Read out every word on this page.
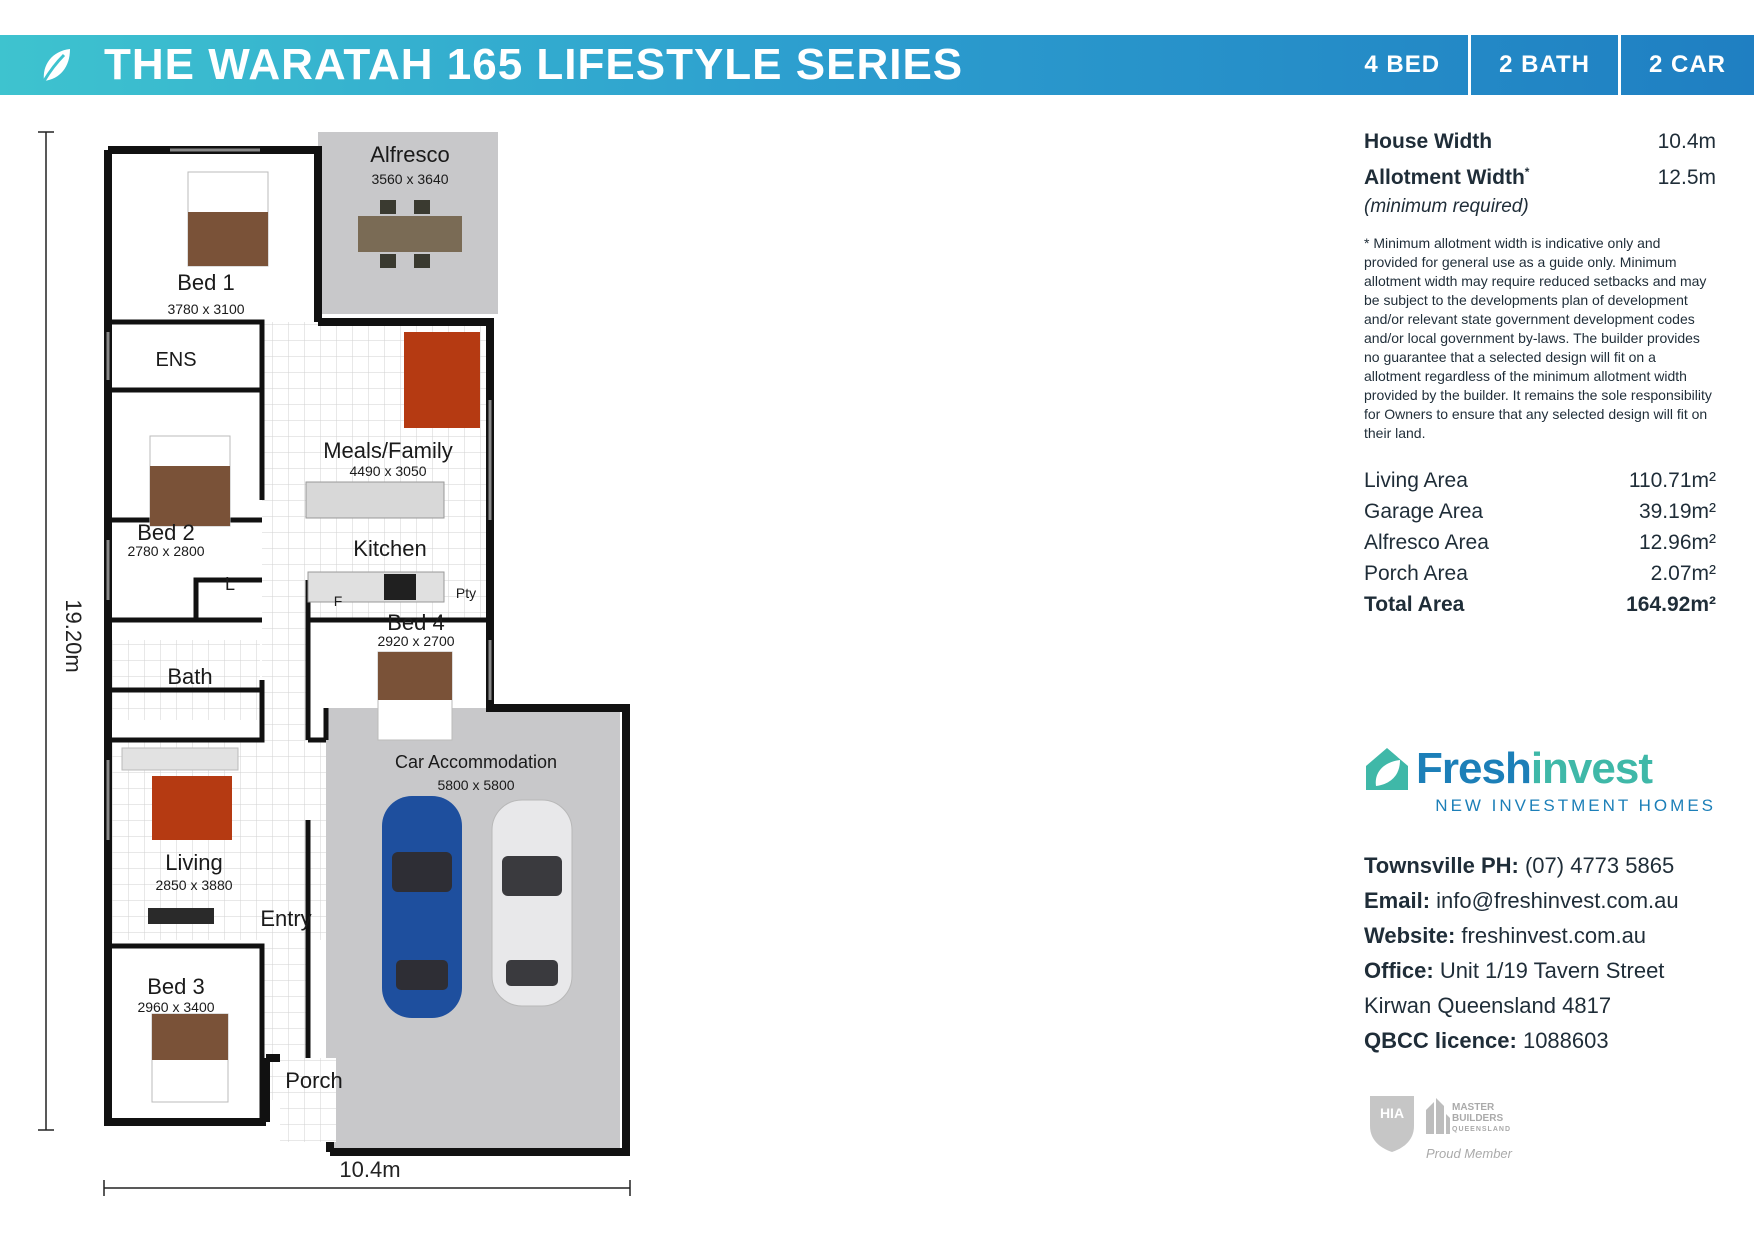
THE WARATAH 165 LIFESTYLE SERIES	4 BED	2 BATH	2 CAR
19.20m
10.4m
Alfresco
3560 x 3640
Bed 1
3780 x 3100
ENS
Meals/Family
4490 x 3050
Bed 2
2780 x 2800	Kitchen
L
F	Pty
Bed 4
2920 x 2700
Bath
Car Accommodation
5800 x 5800
Living
2850 x 3880
Entry
Bed 3
2960 x 3400
Porch
House Width	10.4m
Allotment Width*	12.5m
(minimum required)
* Minimum allotment width is indicative only and provided for general use as a guide only. Minimum allotment width may require reduced setbacks and may be subject to the developments plan of development and/or relevant state government development codes and/or local government by-laws. The builder provides no guarantee that a selected design will fit on a allotment regardless of the minimum allotment width provided by the builder. It remains the sole responsibility for Owners to ensure that any selected design will fit on their land.
Living Area	110.71m²
Garage Area	39.19m²
Alfresco Area	12.96m²
Porch Area	2.07m²
Total Area	164.92m²
Freshinvest
NEW INVESTMENT HOMES
Townsville PH: (07) 4773 5865
Email: info@freshinvest.com.au
Website: freshinvest.com.au
Office: Unit 1/19 Tavern Street
Kirwan Queensland 4817
QBCC licence: 1088603
HIA	MASTER
BUILDERS
QUEENSLAND
Proud Member
